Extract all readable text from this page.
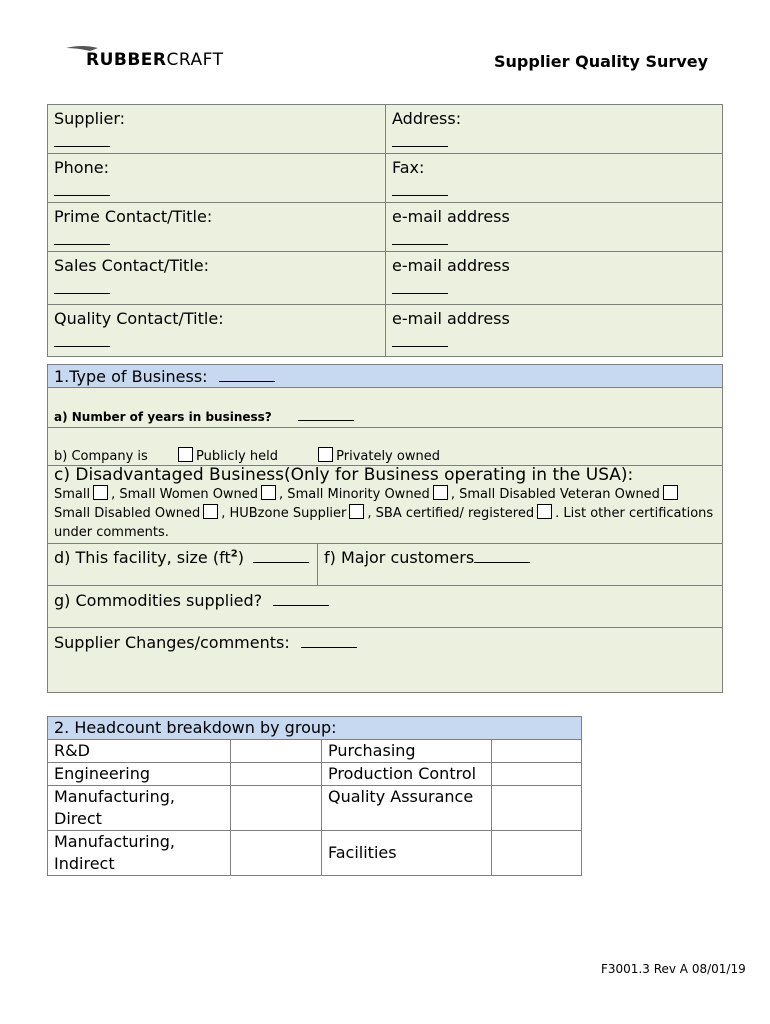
RUBBERCRAFT	Supplier Quality Survey
Supplier:	Address:

Phone:	Fax:

Prime Contact/Title:	e-mail address

Sales Contact/Title:	e-mail address

Quality Contact/Title:	e-mail address
1.Type of Business:
a) Number of years in business?
b) Company is	Publicly held	Privately owned

c) Disadvantaged Business(Only for Business operating in the USA):
Small , Small Women Owned , Small Minority Owned , Small Disabled Veteran Owned
Small Disabled Owned , HUBzone Supplier , SBA certified/ registered . List other certifications under comments.

d) This facility, size $(ft^2)$	f) Major customers
g) Commodities supplied?
Supplier Changes/comments:
2. Headcount breakdown by group:			
R&D		Purchasing	
Engineering		Production Control	
Manufacturing, Direct		Quality Assurance	
Manufacturing, Indirect		Facilities	
F3001.3 Rev A 08/01/19
